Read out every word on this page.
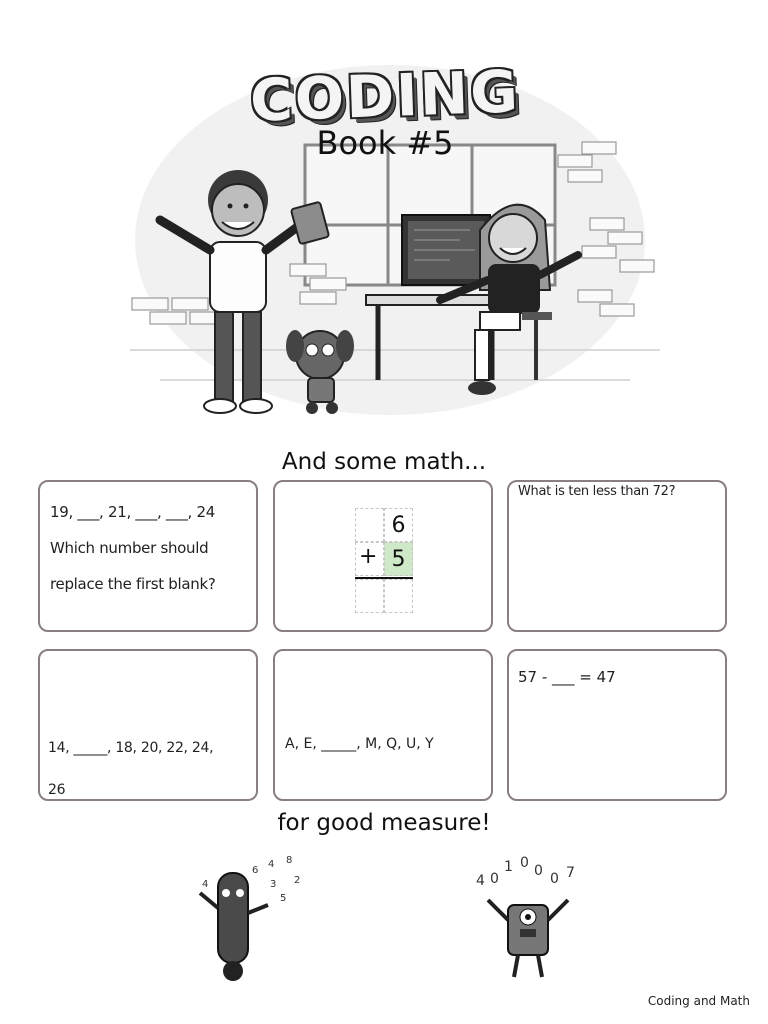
CODING
Book #5
And some math...
19, ___, 21, ___, ___, 24
Which number should
replace the first blank?
6
5
+
What is ten less than 72?
14, _____, 18, 20, 22, 24,
26
A, E, _____, M, Q, U, Y
57 - ___ = 47
for good measure!
6
4 8
3 2
5
4	0
1 0 0 0 7
4
Coding and Math
